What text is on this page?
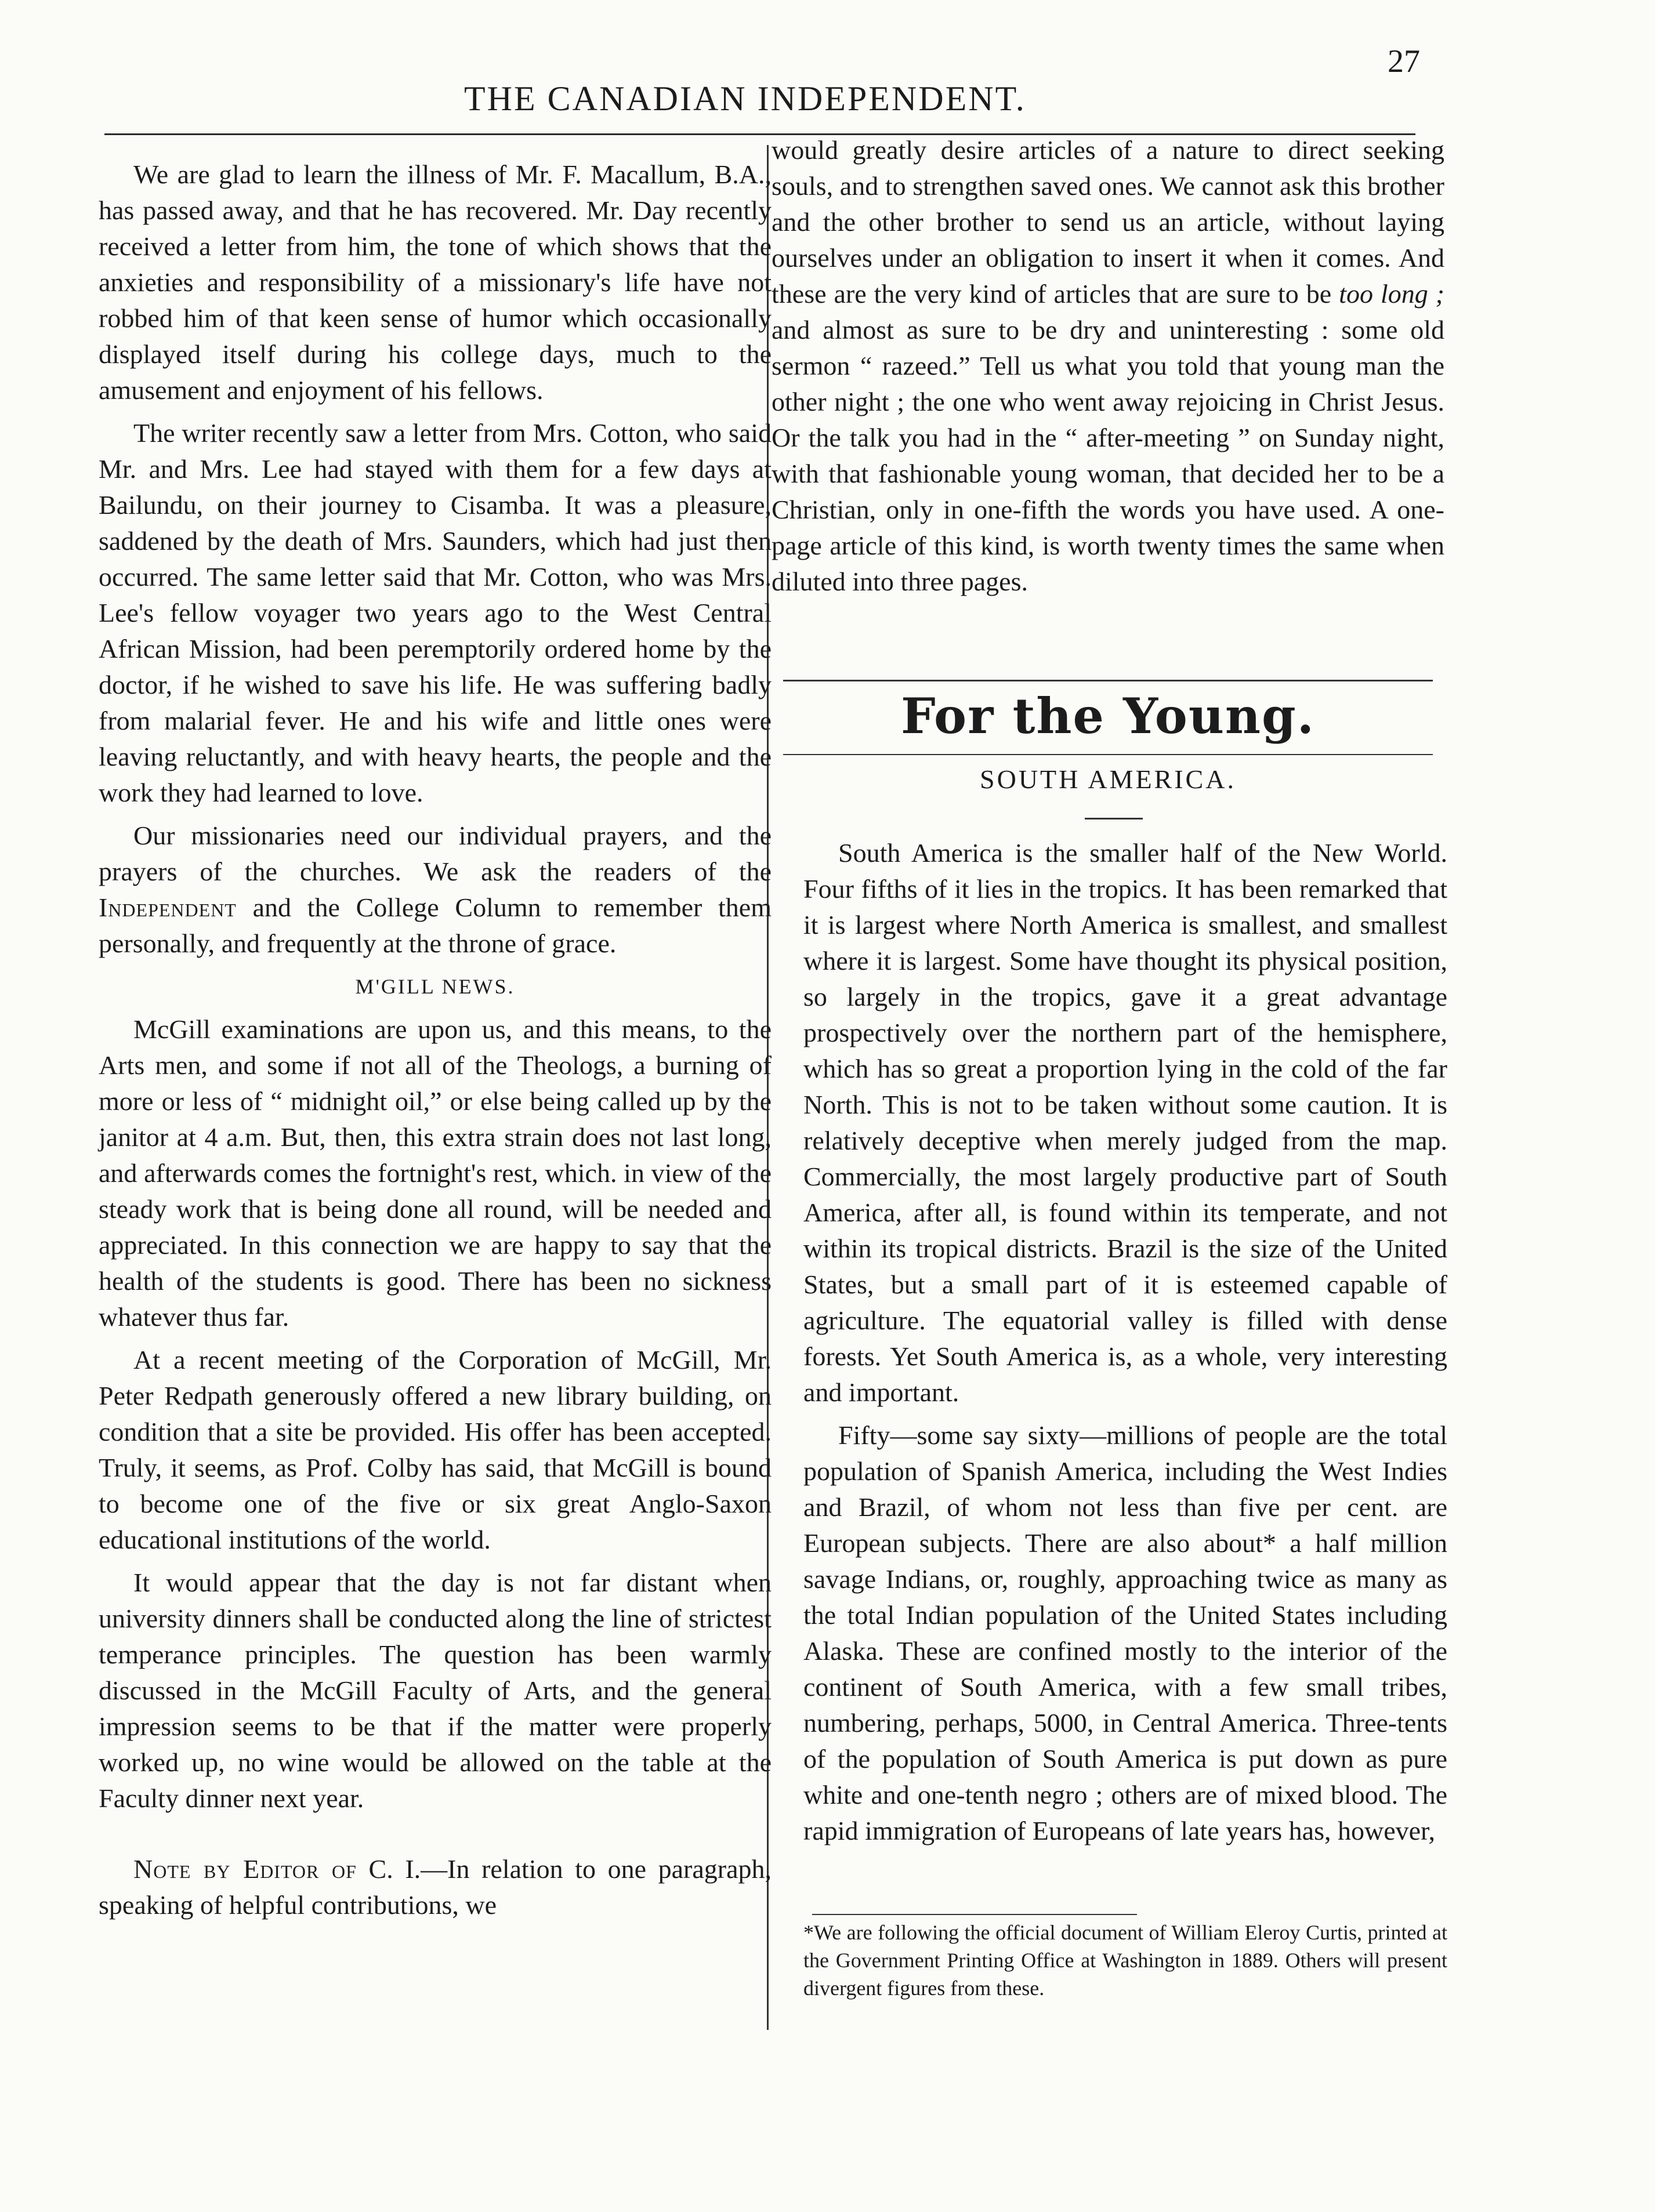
27
THE CANADIAN INDEPENDENT.

We are glad to learn the illness of Mr. F. Macallum, B.A., has passed away, and that he has recovered. Mr. Day recently received a letter from him, the tone of which shows that the anxieties and responsibility of a missionary's life have not robbed him of that keen sense of humor which occasionally displayed itself during his college days, much to the amusement and enjoyment of his fellows.

The writer recently saw a letter from Mrs. Cotton, who said Mr. and Mrs. Lee had stayed with them for a few days at Bailundu, on their journey to Cisamba. It was a pleasure, saddened by the death of Mrs. Saunders, which had just then occurred. The same letter said that Mr. Cotton, who was Mrs. Lee's fellow voyager two years ago to the West Central African Mission, had been peremptorily ordered home by the doctor, if he wished to save his life. He was suffering badly from malarial fever. He and his wife and little ones were leaving reluctantly, and with heavy hearts, the people and the work they had learned to love.

Our missionaries need our individual prayers, and the prayers of the churches. We ask the readers of the Independent and the College Column to remember them personally, and frequently at the throne of grace.

M'GILL NEWS.

McGill examinations are upon us, and this means, to the Arts men, and some if not all of the Theologs, a burning of more or less of “ midnight oil,” or else being called up by the janitor at 4 a.m. But, then, this extra strain does not last long, and afterwards comes the fortnight's rest, which. in view of the steady work that is being done all round, will be needed and appreciated. In this connection we are happy to say that the health of the students is good. There has been no sickness whatever thus far.

At a recent meeting of the Corporation of McGill, Mr. Peter Redpath generously offered a new library building, on condition that a site be provided. His offer has been accepted. Truly, it seems, as Prof. Colby has said, that McGill is bound to become one of the five or six great Anglo-Saxon educational institutions of the world.

It would appear that the day is not far distant when university dinners shall be conducted along the line of strictest temperance principles. The question has been warmly discussed in the McGill Faculty of Arts, and the general impression seems to be that if the matter were properly worked up, no wine would be allowed on the table at the Faculty dinner next year.

Note by Editor of C. I.—In relation to one paragraph, speaking of helpful contributions, we

would greatly desire articles of a nature to direct seeking souls, and to strengthen saved ones. We cannot ask this brother and the other brother to send us an article, without laying ourselves under an obligation to insert it when it comes. And these are the very kind of articles that are sure to be too long ; and almost as sure to be dry and uninteresting : some old sermon “ razeed.” Tell us what you told that young man the other night ; the one who went away rejoicing in Christ Jesus. Or the talk you had in the “ after-meeting ” on Sunday night, with that fashionable young woman, that decided her to be a Christian, only in one-fifth the words you have used. A one-page article of this kind, is worth twenty times the same when diluted into three pages.

For the Young.
SOUTH AMERICA.

South America is the smaller half of the New World. Four fifths of it lies in the tropics. It has been remarked that it is largest where North America is smallest, and smallest where it is largest. Some have thought its physical position, so largely in the tropics, gave it a great advantage prospectively over the northern part of the hemisphere, which has so great a proportion lying in the cold of the far North. This is not to be taken without some caution. It is relatively deceptive when merely judged from the map. Commercially, the most largely productive part of South America, after all, is found within its temperate, and not within its tropical districts. Brazil is the size of the United States, but a small part of it is esteemed capable of agriculture. The equatorial valley is filled with dense forests. Yet South America is, as a whole, very interesting and important.

Fifty—some say sixty—millions of people are the total population of Spanish America, including the West Indies and Brazil, of whom not less than five per cent. are European subjects. There are also about* a half million savage Indians, or, roughly, approaching twice as many as the total Indian population of the United States including Alaska. These are confined mostly to the interior of the continent of South America, with a few small tribes, numbering, perhaps, 5000, in Central America. Three-tents of the population of South America is put down as pure white and one-tenth negro ; others are of mixed blood. The rapid immigration of Europeans of late years has, however,

*We are following the official document of William Eleroy Curtis, printed at the Government Printing Office at Washington in 1889. Others will present divergent figures from these.
